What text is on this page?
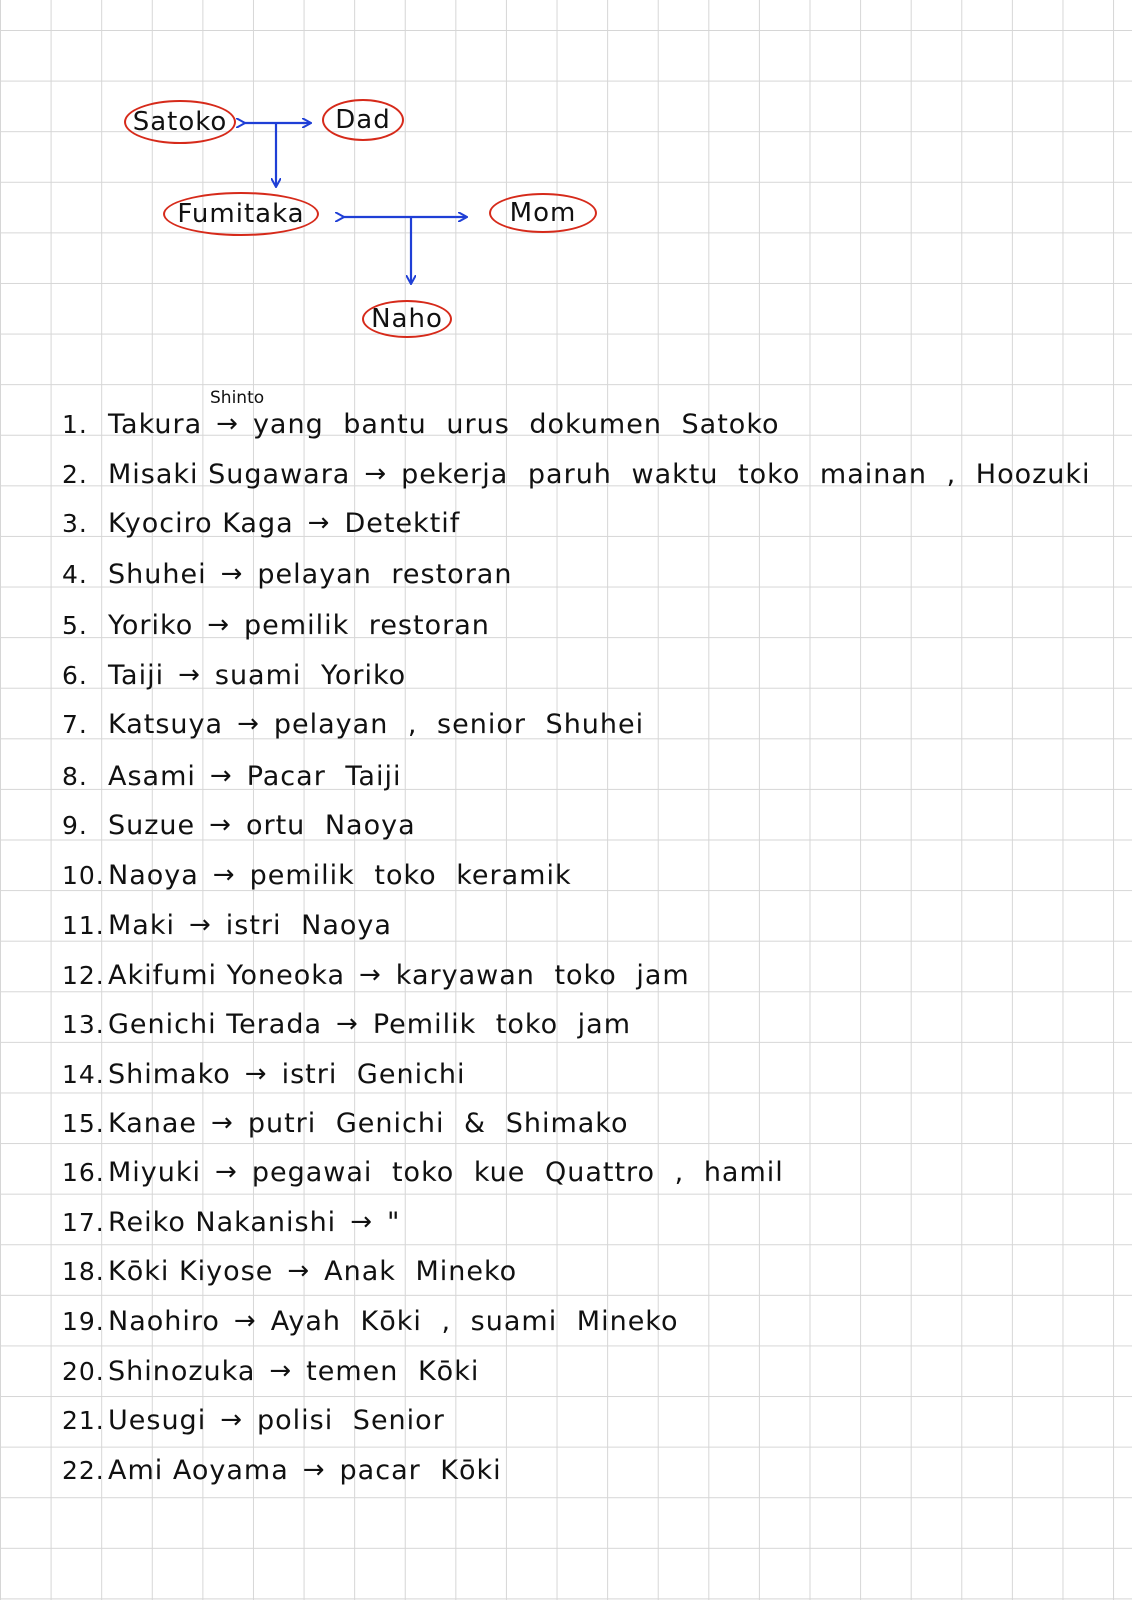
Satoko	Dad
Fumitaka	Mom
Naho
Shinto
1. Takura → yang bantu urus dokumen Satoko
2. Misaki Sugawara → pekerja paruh waktu toko mainan , Hoozuki
3. Kyociro Kaga → Detektif
4. Shuhei → pelayan restoran
5. Yoriko → pemilik restoran
6. Taiji → suami Yoriko
7. Katsuya → pelayan , senior Shuhei
8. Asami → Pacar Taiji
9. Suzue → ortu Naoya
10. Naoya → pemilik toko keramik
11. Maki → istri Naoya
12. Akifumi Yoneoka → karyawan toko jam
13. Genichi Terada → Pemilik toko jam
14. Shimako → istri Genichi
15. Kanae → putri Genichi & Shimako
16. Miyuki → pegawai toko kue Quattro , hamil
17. Reiko Nakanishi → "
18. Kōki Kiyose → Anak Mineko
19. Naohiro → Ayah Kōki , suami Mineko
20. Shinozuka → temen Kōki
21. Uesugi → polisi Senior
22. Ami Aoyama → pacar Kōki
